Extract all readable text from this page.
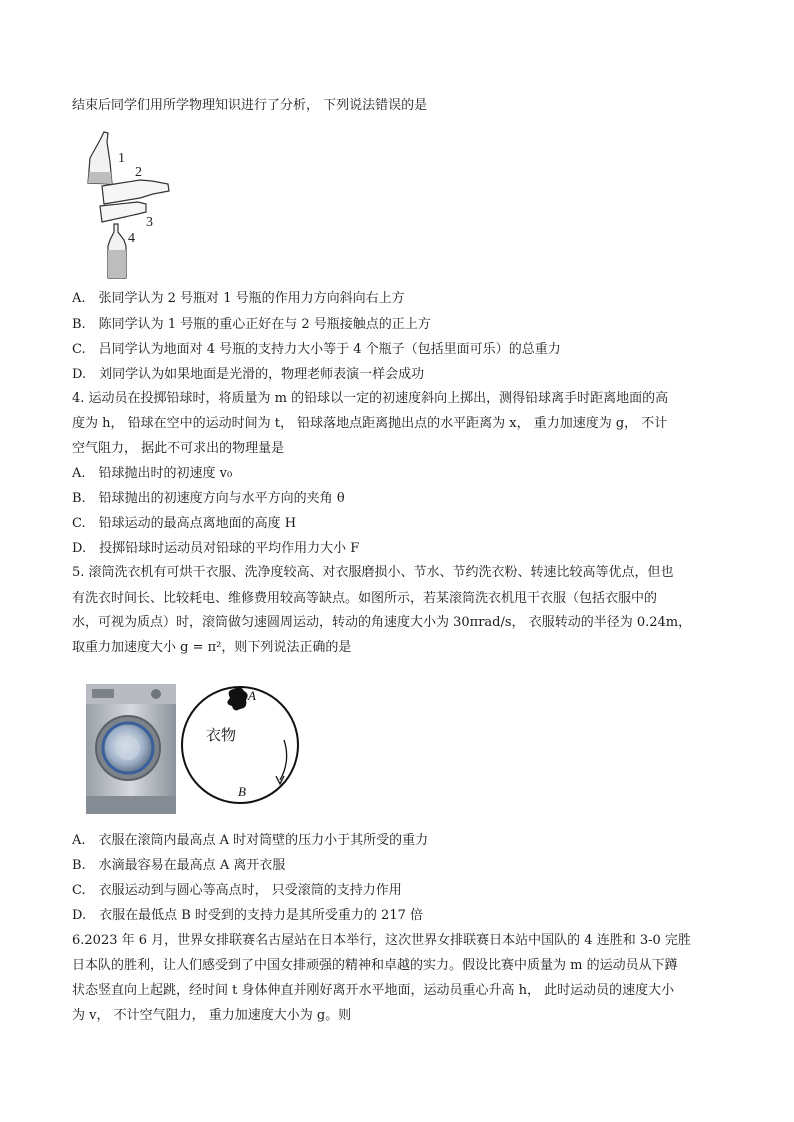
结束后同学们用所学物理知识进行了分析， 下列说法错误的是
1
2
3
4
A.　张同学认为 2 号瓶对 1 号瓶的作用力方向斜向右上方
B.　陈同学认为 1 号瓶的重心正好在与 2 号瓶接触点的正上方
C.　吕同学认为地面对 4 号瓶的支持力大小等于 4 个瓶子（包括里面可乐）的总重力
D.　刘同学认为如果地面是光滑的，物理老师表演一样会成功
4. 运动员在投掷铅球时，将质量为 m 的铅球以一定的初速度斜向上掷出，测得铅球离手时距离地面的高
度为 h， 铅球在空中的运动时间为 t， 铅球落地点距离抛出点的水平距离为 x， 重力加速度为 g， 不计
空气阻力， 据此不可求出的物理量是
A.　铅球抛出时的初速度 v₀
B.　铅球抛出的初速度方向与水平方向的夹角 θ
C.　铅球运动的最高点离地面的高度 H
D.　投掷铅球时运动员对铅球的平均作用力大小 F
5. 滚筒洗衣机有可烘干衣服、洗净度较高、对衣服磨损小、节水、节约洗衣粉、转速比较高等优点，但也
有洗衣时间长、比较耗电、维修费用较高等缺点。如图所示，若某滚筒洗衣机甩干衣服（包括衣服中的
水，可视为质点）时，滚筒做匀速圆周运动，转动的角速度大小为 30πrad/s， 衣服转动的半径为 0.24m，
取重力加速度大小 g = π²，则下列说法正确的是
A
衣物
B
A.　衣服在滚筒内最高点 A 时对筒壁的压力小于其所受的重力
B.　水滴最容易在最高点 A 离开衣服
C.　衣服运动到与圆心等高点时， 只受滚筒的支持力作用
D.　衣服在最低点 B 时受到的支持力是其所受重力的 217 倍
6.2023 年 6 月，世界女排联赛名古屋站在日本举行，这次世界女排联赛日本站中国队的 4 连胜和 3-0 完胜
日本队的胜利，让人们感受到了中国女排顽强的精神和卓越的实力。假设比赛中质量为 m 的运动员从下蹲
状态竖直向上起跳，经时间 t 身体伸直并刚好离开水平地面，运动员重心升高 h， 此时运动员的速度大小
为 v， 不计空气阻力， 重力加速度大小为 g。则
